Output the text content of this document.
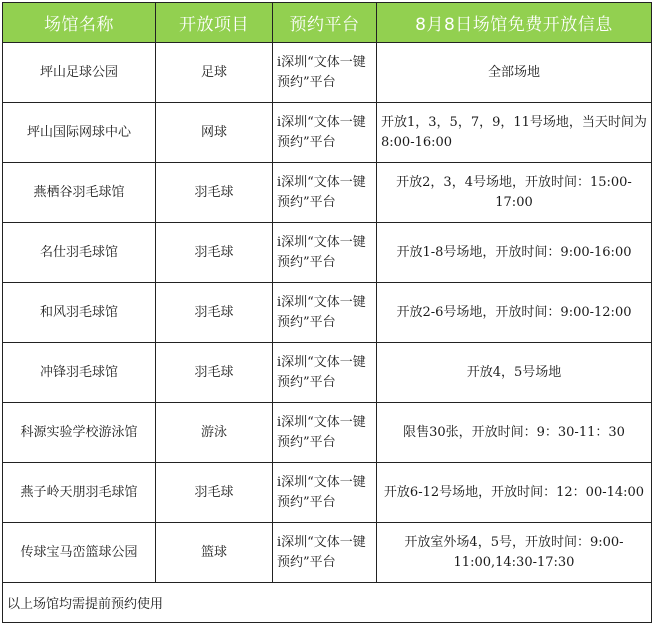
场馆名称	开放项目	预约平台	8月8日场馆免费开放信息
坪山足球公园	足球	i深圳“文体一键预约”平台	全部场地
坪山国际网球中心	网球	i深圳“文体一键预约”平台	开放1，3，5，7，9，11号场地，当天时间为8:00-16:00
燕栖谷羽毛球馆	羽毛球	i深圳“文体一键预约”平台	开放2，3，4号场地，开放时间：15:00-17:00
名仕羽毛球馆	羽毛球	i深圳“文体一键预约”平台	开放1-8号场地，开放时间：9:00-16:00
和风羽毛球馆	羽毛球	i深圳“文体一键预约”平台	开放2-6号场地，开放时间：9:00-12:00
冲锋羽毛球馆	羽毛球	i深圳“文体一键预约”平台	开放4，5号场地
科源实验学校游泳馆	游泳	i深圳“文体一键预约”平台	限售30张，开放时间：9：30-11：30
燕子岭天朋羽毛球馆	羽毛球	i深圳“文体一键预约”平台	开放6-12号场地，开放时间：12：00-14:00
传球宝马峦篮球公园	篮球	i深圳“文体一键预约”平台	开放室外场4，5号，开放时间：9:00-11:00,14:30-17:30
以上场馆均需提前预约使用			
